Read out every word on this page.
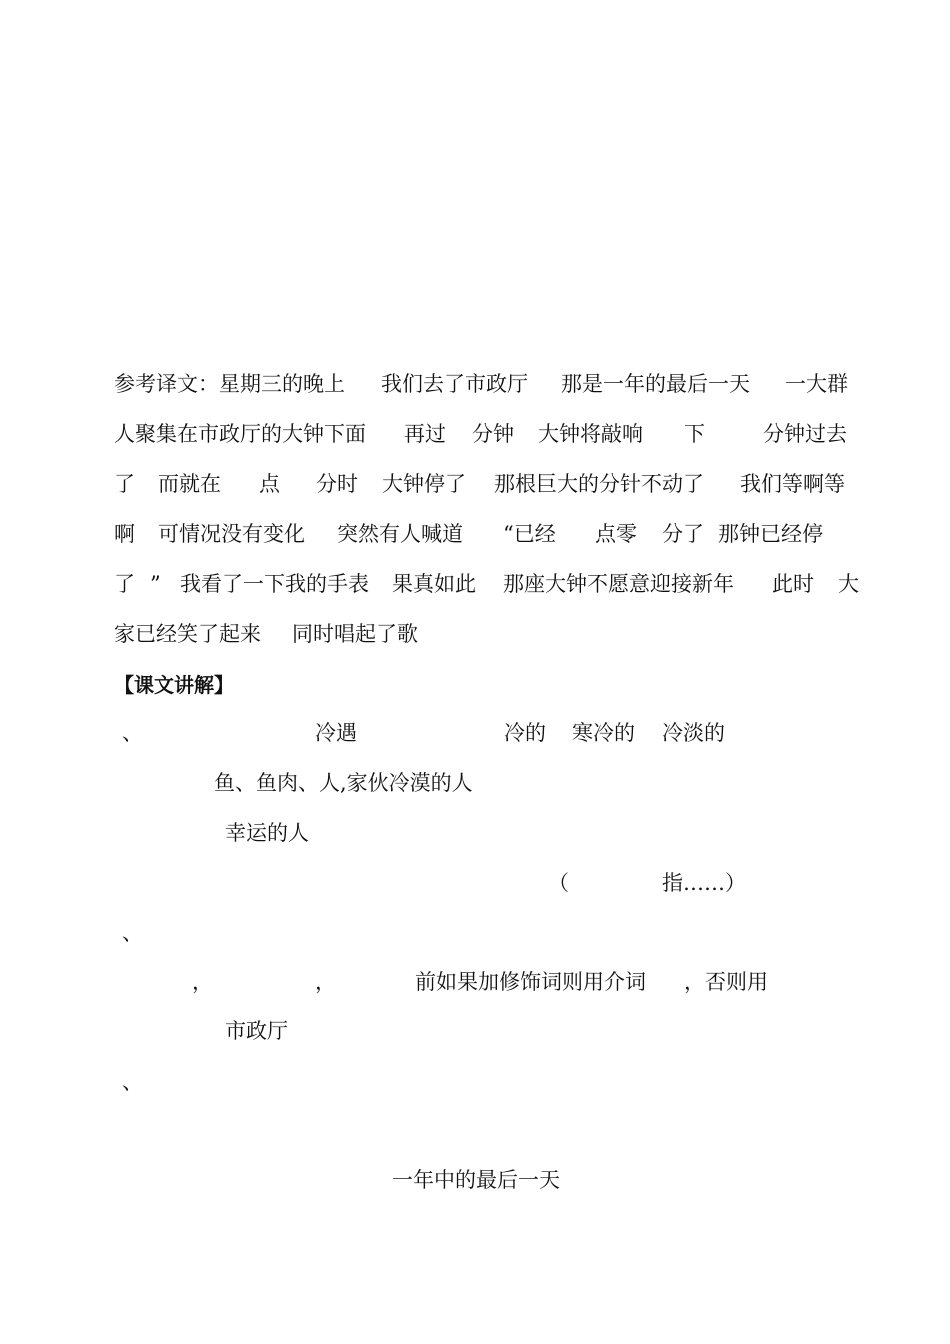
参考译文：星期三的晚上 我们去了市政厅 那是一年的最后一天 一大群
人聚集在市政厅的大钟下面 再过 分钟 大钟将敲响 下	分钟过去
了 而就在 点 分时 大钟停了 那根巨大的分针不动了 我们等啊等
啊 可情况没有变化 突然有人喊道 “已经 点零 分了 那钟已经停
了 ” 我看了一下我的手表 果真如此 那座大钟不愿意迎接新年 此时 大
家已经笑了起来 同时唱起了歌
【课文讲解】
、	冷遇	冷的 寒冷的 冷淡的
鱼、鱼肉、人,家伙冷漠的人
幸运的人
（	指……）
、
，	，	前如果加修饰词则用介词 ，否则用
市政厅
、
一年中的最后一天
